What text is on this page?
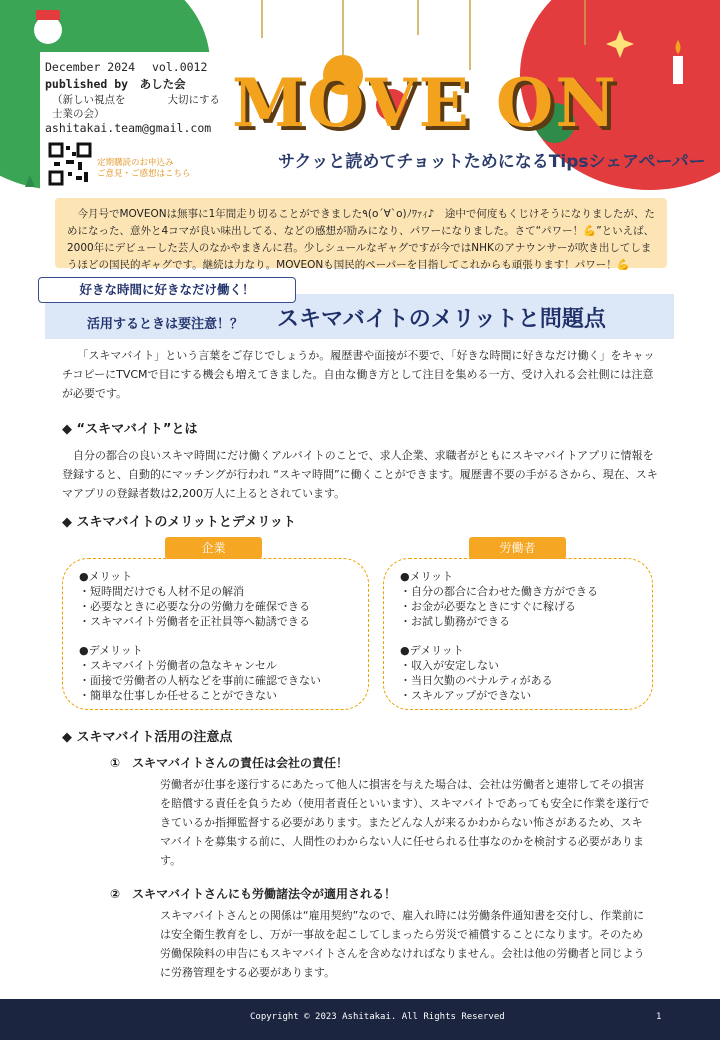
December 2024 vol.0012
published by　あした会
（新しい視点を　　　　大切にする士業の会）
ashitakai.team@gmail.com
定期購読のお申込み
ご意見・ご感想はこちら
MOVE ON
サクッと読めてチョットためになるTipsシェアペーパー
今月号でMOVEONは無事に1年間走り切ることができました٩(o´∀`o)ﾉﾜｧｨ♪　途中で何度もくじけそうになりましたが、ためになった、意外と4コマが良い味出してる、などの感想が励みになり、パワーになりました。さて“パワー！💪”といえば、2000年にデビューした芸人のなかやまきんに君。少しシュールなギャグですが今ではNHKのアナウンサーが吹き出してしまうほどの国民的ギャグです。継続は力なり。MOVEONも国民的ペーパーを目指してこれからも頑張ります！パワー！💪
活用するときは要注意！？ スキマバイトのメリットと問題点
好きな時間に好きなだけ働く！
「スキマバイト」という言葉をご存じでしょうか。履歴書や面接が不要で、「好きな時間に好きなだけ働く」をキャッチコピーにTVCMで目にする機会も増えてきました。自由な働き方として注目を集める一方、受け入れる会社側には注意が必要です。
◆ “スキマバイト”とは
自分の都合の良いスキマ時間にだけ働くアルバイトのことで、求人企業、求職者がともにスキマバイトアプリに情報を登録すると、自動的にマッチングが行われ “スキマ時間”に働くことができます。履歴書不要の手がるさから、現在、スキマアプリの登録者数は2,200万人に上るとされています。
◆ スキマバイトのメリットとデメリット
●メリット
・短時間だけでも人材不足の解消
・必要なときに必要な分の労働力を確保できる
・スキマバイト労働者を正社員等へ勧誘できる
●デメリット
・スキマバイト労働者の急なキャンセル
・面接で労働者の人柄などを事前に確認できない
・簡単な仕事しか任せることができない
企業
●メリット
・自分の都合に合わせた働き方ができる
・お金が必要なときにすぐに稼げる
・お試し勤務ができる
●デメリット
・収入が安定しない
・当日欠勤のペナルティがある
・スキルアップができない
労働者
◆ スキマバイト活用の注意点
①　スキマバイトさんの責任は会社の責任！
労働者が仕事を遂行するにあたって他人に損害を与えた場合は、会社は労働者と連帯してその損害を賠償する責任を負うため（使用者責任といいます）、スキマバイトであっても安全に作業を遂行できているか指揮監督する必要があります。またどんな人が来るかわからない怖さがあるため、スキマバイトを募集する前に、人間性のわからない人に任せられる仕事なのかを検討する必要があります。
②　スキマバイトさんにも労働諸法令が適用される！
スキマバイトさんとの関係は“雇用契約”なので、雇入れ時には労働条件通知書を交付し、作業前には安全衛生教育をし、万が一事故を起こしてしまったら労災で補償することになります。そのため労働保険料の申告にもスキマバイトさんを含めなければなりません。会社は他の労働者と同じように労務管理をする必要があります。
Copyright © 2023 Ashitakai. All Rights Reserved	1
